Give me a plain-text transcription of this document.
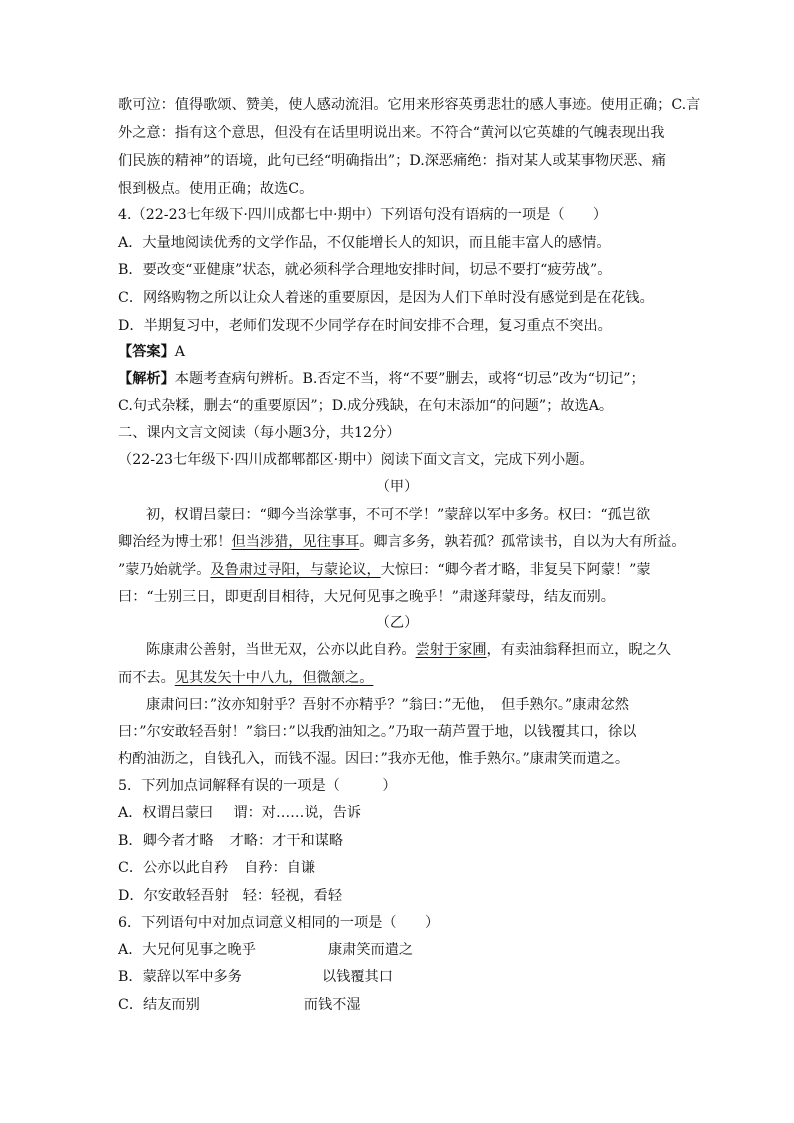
歌可泣：值得歌颂、赞美，使人感动流泪。它用来形容英勇悲壮的感人事迹。使用正确；C.言
外之意：指有这个意思，但没有在话里明说出来。不符合“黄河以它英雄的气魄表现出我
们民族的精神”的语境，此句已经“明确指出”；D.深恶痛绝：指对某人或某事物厌恶、痛
恨到极点。使用正确；故选C。
4.（22-23七年级下·四川成都七中·期中）下列语句没有语病的一项是（　　）
A．大量地阅读优秀的文学作品，不仅能增长人的知识，而且能丰富人的感情。
B．要改变“亚健康”状态，就必须科学合理地安排时间，切忌不要打“疲劳战”。
C．网络购物之所以让众人着迷的重要原因，是因为人们下单时没有感觉到是在花钱。
D．半期复习中，老师们发现不少同学存在时间安排不合理，复习重点不突出。
【答案】A
【解析】本题考查病句辨析。B.否定不当，将“不要”删去，或将“切忌”改为“切记”；
C.句式杂糅，删去“的重要原因”；D.成分残缺，在句末添加“的问题”；故选A。
二、课内文言文阅读（每小题3分，共12分）
（22-23七年级下·四川成都郫都区·期中）阅读下面文言文，完成下列小题。
（甲）
初，权谓吕蒙曰：“卿今当涂掌事，不可不学！”蒙辞以军中多务。权曰：“孤岂欲
卿治经为博士邪！但当涉猎，见往事耳。卿言多务，孰若孤？孤常读书，自以为大有所益。
”蒙乃始就学。及鲁肃过寻阳，与蒙论议，大惊曰：“卿今者才略，非复吴下阿蒙！”蒙
曰：“士别三日，即更刮目相待，大兄何见事之晚乎！”肃遂拜蒙母，结友而别。
（乙）
陈康肃公善射，当世无双，公亦以此自矜。尝射于家圃，有卖油翁释担而立，睨之久
而不去。见其发矢十中八九，但微颔之。
康肃问曰：”汝亦知射乎？吾射不亦精乎？”翁曰：”无他，　但手熟尔。”康肃忿然
曰：”尔安敢轻吾射！”翁曰：”以我酌油知之。”乃取一葫芦置于地，以钱覆其口，徐以
杓酌油沥之，自钱孔入，而钱不湿。因曰：”我亦无他，惟手熟尔。”康肃笑而遣之。
5．下列加点词解释有误的一项是（　　　）
A．权谓吕蒙曰 谓：对……说，告诉
B．卿今者才略 才略：才干和谋略
C．公亦以此自矜 自矜：自谦
D．尔安敢轻吾射 轻：轻视，看轻
6．下列语句中对加点词意义相同的一项是（　　）
A．大兄何见事之晚乎	康肃笑而遣之
B．蒙辞以军中多务	以钱覆其口
C．结友而别	而钱不湿
